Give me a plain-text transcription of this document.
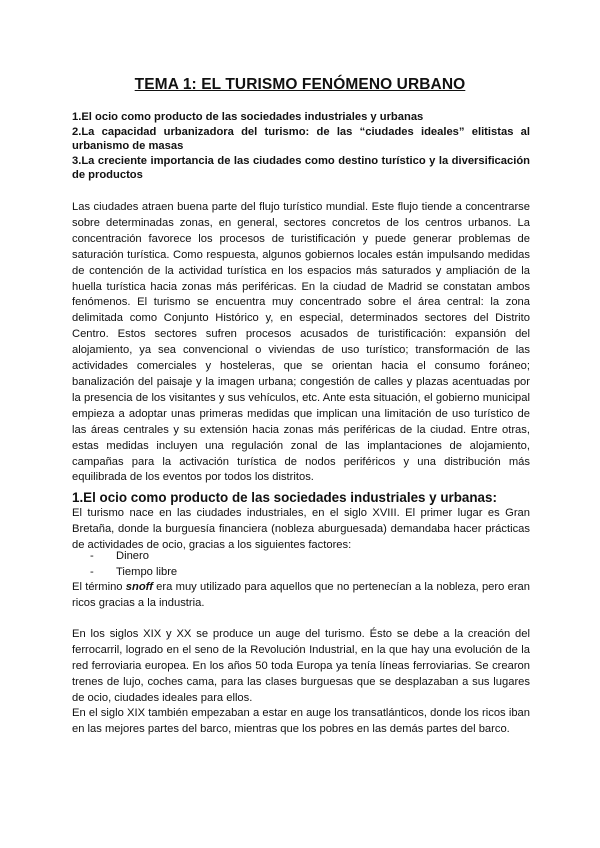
TEMA 1: EL TURISMO FENÓMENO URBANO
1.El ocio como producto de las sociedades industriales y urbanas
2.La capacidad urbanizadora del turismo: de las “ciudades ideales” elitistas al urbanismo de masas
3.La creciente importancia de las ciudades como destino turístico y la diversificación de productos

Las ciudades atraen buena parte del flujo turístico mundial. Este flujo tiende a concentrarse sobre determinadas zonas, en general, sectores concretos de los centros urbanos. La concentración favorece los procesos de turistificación y puede generar problemas de saturación turística. Como respuesta, algunos gobiernos locales están impulsando medidas de contención de la actividad turística en los espacios más saturados y ampliación de la huella turística hacia zonas más periféricas. En la ciudad de Madrid se constatan ambos fenómenos. El turismo se encuentra muy concentrado sobre el área central: la zona delimitada como Conjunto Histórico y, en especial, determinados sectores del Distrito Centro. Estos sectores sufren procesos acusados de turistificación: expansión del alojamiento, ya sea convencional o viviendas de uso turístico; transformación de las actividades comerciales y hosteleras, que se orientan hacia el consumo foráneo; banalización del paisaje y la imagen urbana; congestión de calles y plazas acentuadas por la presencia de los visitantes y sus vehículos, etc. Ante esta situación, el gobierno municipal empieza a adoptar unas primeras medidas que implican una limitación de uso turístico de las áreas centrales y su extensión hacia zonas más periféricas de la ciudad. Entre otras, estas medidas incluyen una regulación zonal de las implantaciones de alojamiento, campañas para la activación turística de nodos periféricos y una distribución más equilibrada de los eventos por todos los distritos.

1.El ocio como producto de las sociedades industriales y urbanas:

El turismo nace en las ciudades industriales, en el siglo XVIII. El primer lugar es Gran Bretaña, donde la burguesía financiera (nobleza aburguesada) demandaba hacer prácticas de actividades de ocio, gracias a los siguientes factores:

- Dinero
- Tiempo libre

El término snoff era muy utilizado para aquellos que no pertenecían a la nobleza, pero eran ricos gracias a la industria.

En los siglos XIX y XX se produce un auge del turismo. Ésto se debe a la creación del ferrocarril, logrado en el seno de la Revolución Industrial, en la que hay una evolución de la red ferroviaria europea. En los años 50 toda Europa ya tenía líneas ferroviarias. Se crearon trenes de lujo, coches cama, para las clases burguesas que se desplazaban a sus lugares de ocio, ciudades ideales para ellos.

En el siglo XIX también empezaban a estar en auge los transatlánticos, donde los ricos iban en las mejores partes del barco, mientras que los pobres en las demás partes del barco.
